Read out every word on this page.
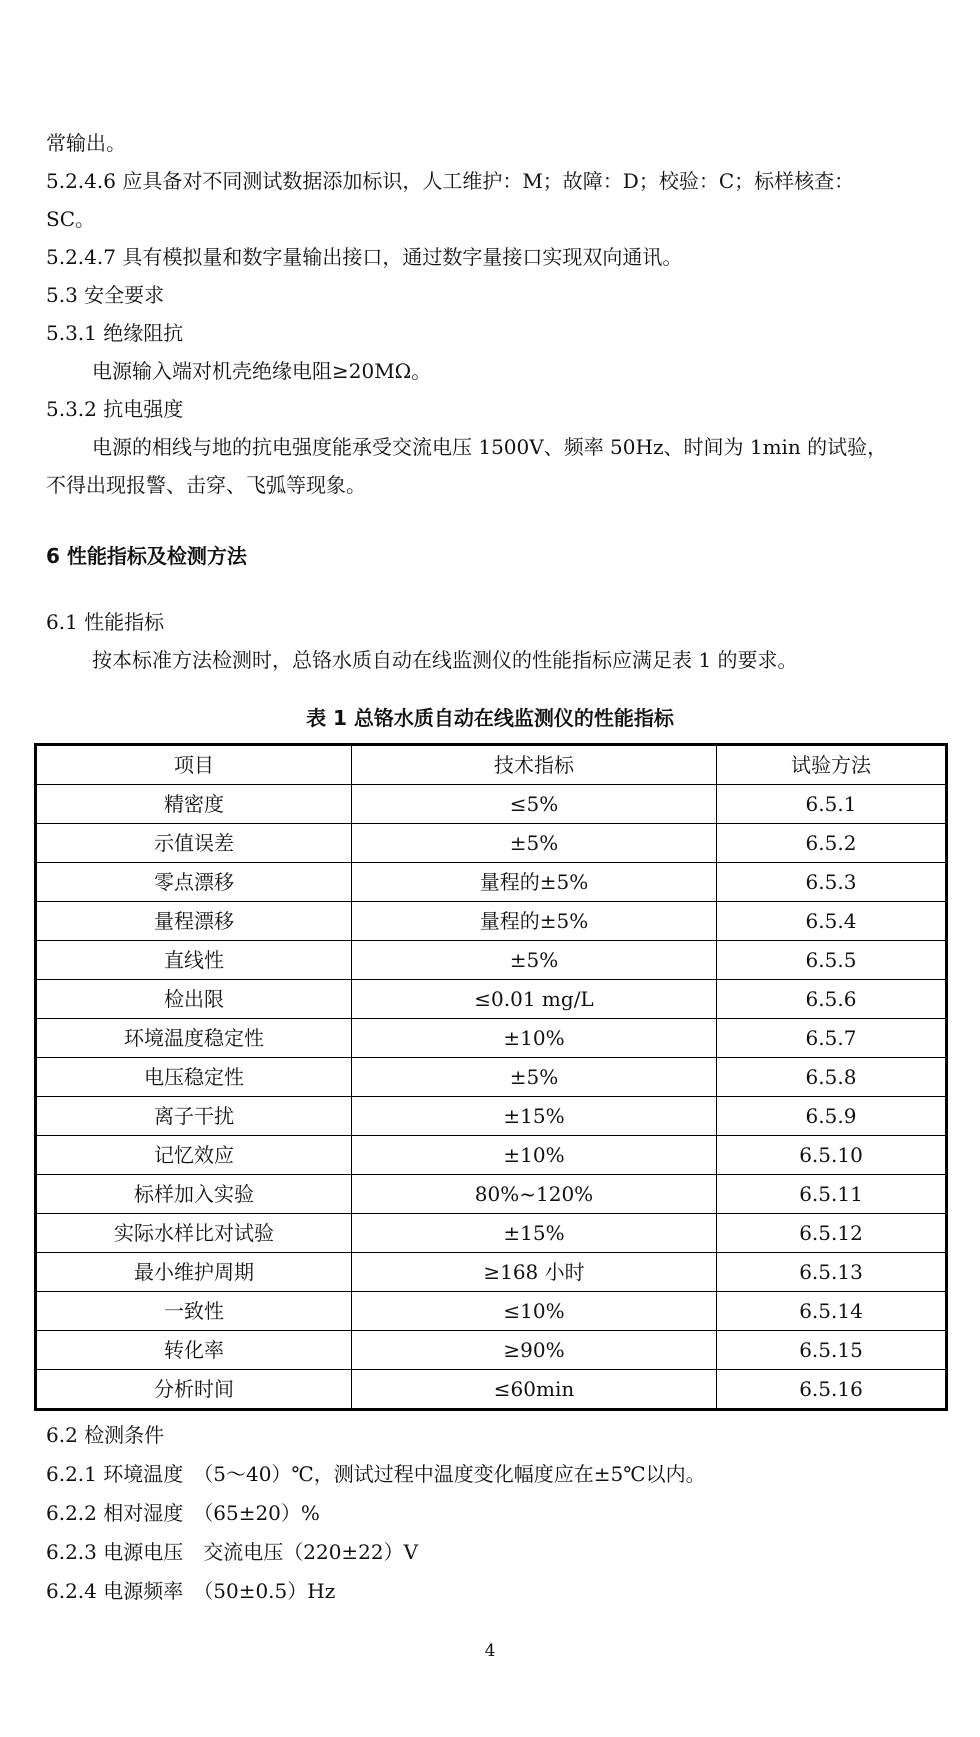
常输出。
5.2.4.6 应具备对不同测试数据添加标识，人工维护：M；故障：D；校验：C；标样核查：
SC。
5.2.4.7 具有模拟量和数字量输出接口，通过数字量接口实现双向通讯。
5.3 安全要求
5.3.1 绝缘阻抗
电源输入端对机壳绝缘电阻≥20MΩ。
5.3.2 抗电强度
电源的相线与地的抗电强度能承受交流电压 1500V、频率 50Hz、时间为 1min 的试验，
不得出现报警、击穿、飞弧等现象。
6 性能指标及检测方法
6.1 性能指标
按本标准方法检测时，总铬水质自动在线监测仪的性能指标应满足表 1 的要求。
表 1 总铬水质自动在线监测仪的性能指标
项目	技术指标	试验方法
精密度	≤5%	6.5.1
示值误差	±5%	6.5.2
零点漂移	量程的±5%	6.5.3
量程漂移	量程的±5%	6.5.4
直线性	±5%	6.5.5
检出限	≤0.01 mg/L	6.5.6
环境温度稳定性	±10%	6.5.7
电压稳定性	±5%	6.5.8
离子干扰	±15%	6.5.9
记忆效应	±10%	6.5.10
标样加入实验	80%~120%	6.5.11
实际水样比对试验	±15%	6.5.12
最小维护周期	≥168 小时	6.5.13
一致性	≤10%	6.5.14
转化率	≥90%	6.5.15
分析时间	≤60min	6.5.16
6.2 检测条件
6.2.1 环境温度　（5～40）℃，测试过程中温度变化幅度应在±5℃以内。
6.2.2 相对湿度　（65±20）%
6.2.3 电源电压　交流电压（220±22）V
6.2.4 电源频率　（50±0.5）Hz
4
